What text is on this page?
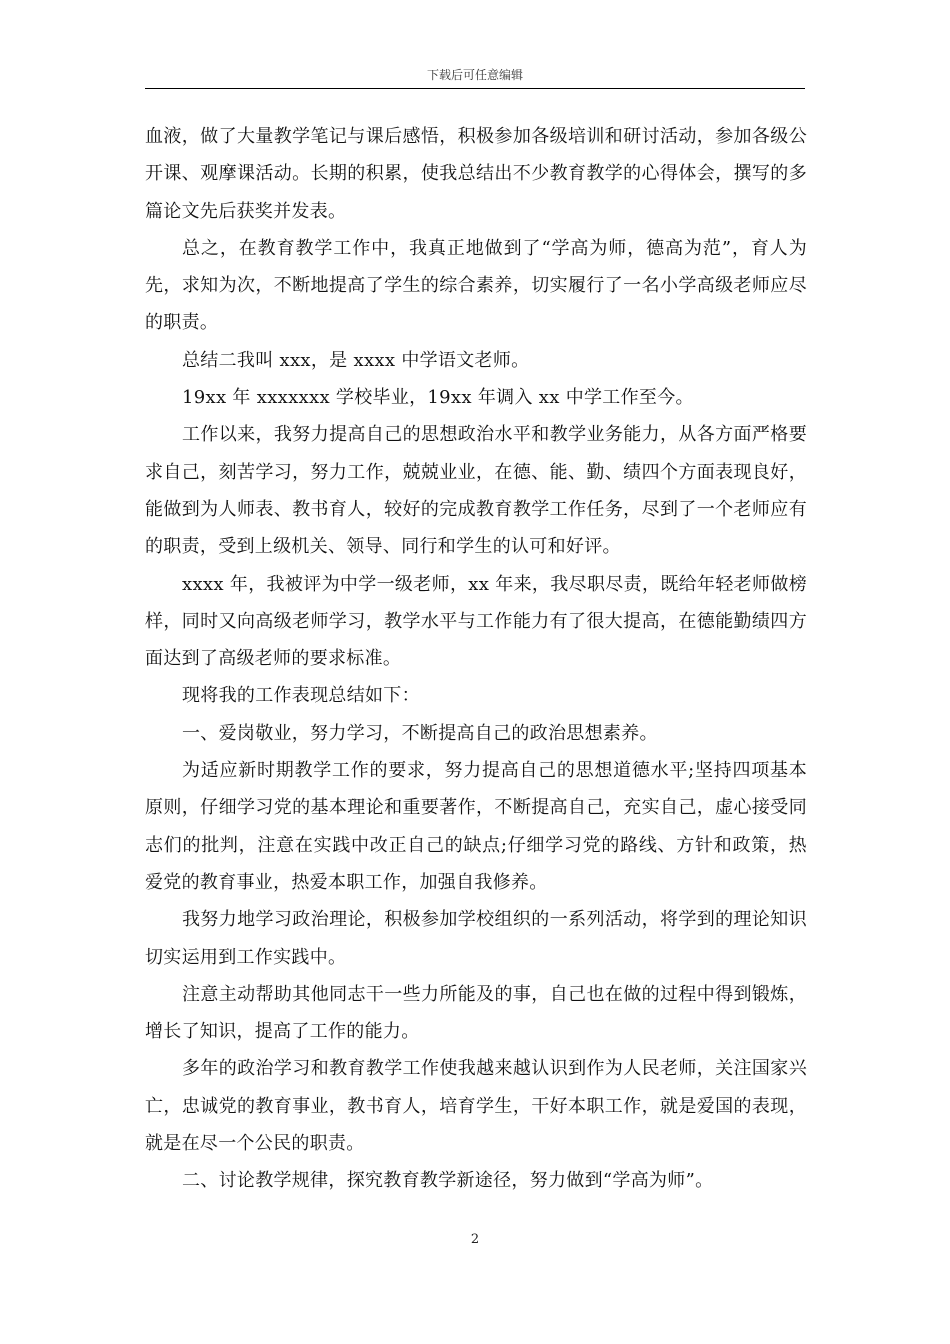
下载后可任意编辑

血液，做了大量教学笔记与课后感悟，积极参加各级培训和研讨活动，参加各级公开课、观摩课活动。长期的积累，使我总结出不少教育教学的心得体会，撰写的多篇论文先后获奖并发表。

总之，在教育教学工作中，我真正地做到了“学高为师，德高为范”，育人为先，求知为次，不断地提高了学生的综合素养，切实履行了一名小学高级老师应尽的职责。

总结二我叫 xxx，是 xxxx 中学语文老师。

19xx 年 xxxxxxx 学校毕业，19xx 年调入 xx 中学工作至今。

工作以来，我努力提高自己的思想政治水平和教学业务能力，从各方面严格要求自己，刻苦学习，努力工作，兢兢业业，在德、能、勤、绩四个方面表现良好，能做到为人师表、教书育人，较好的完成教育教学工作任务，尽到了一个老师应有的职责，受到上级机关、领导、同行和学生的认可和好评。

xxxx 年，我被评为中学一级老师，xx 年来，我尽职尽责，既给年轻老师做榜样，同时又向高级老师学习，教学水平与工作能力有了很大提高，在德能勤绩四方面达到了高级老师的要求标准。

现将我的工作表现总结如下：

一、爱岗敬业，努力学习，不断提高自己的政治思想素养。

为适应新时期教学工作的要求，努力提高自己的思想道德水平;坚持四项基本原则，仔细学习党的基本理论和重要著作，不断提高自己，充实自己，虚心接受同志们的批判，注意在实践中改正自己的缺点;仔细学习党的路线、方针和政策，热爱党的教育事业，热爱本职工作，加强自我修养。

我努力地学习政治理论，积极参加学校组织的一系列活动，将学到的理论知识切实运用到工作实践中。

注意主动帮助其他同志干一些力所能及的事，自己也在做的过程中得到锻炼，增长了知识，提高了工作的能力。

多年的政治学习和教育教学工作使我越来越认识到作为人民老师，关注国家兴亡，忠诚党的教育事业，教书育人，培育学生，干好本职工作，就是爱国的表现，就是在尽一个公民的职责。

二、讨论教学规律，探究教育教学新途径，努力做到“学高为师”。

2
